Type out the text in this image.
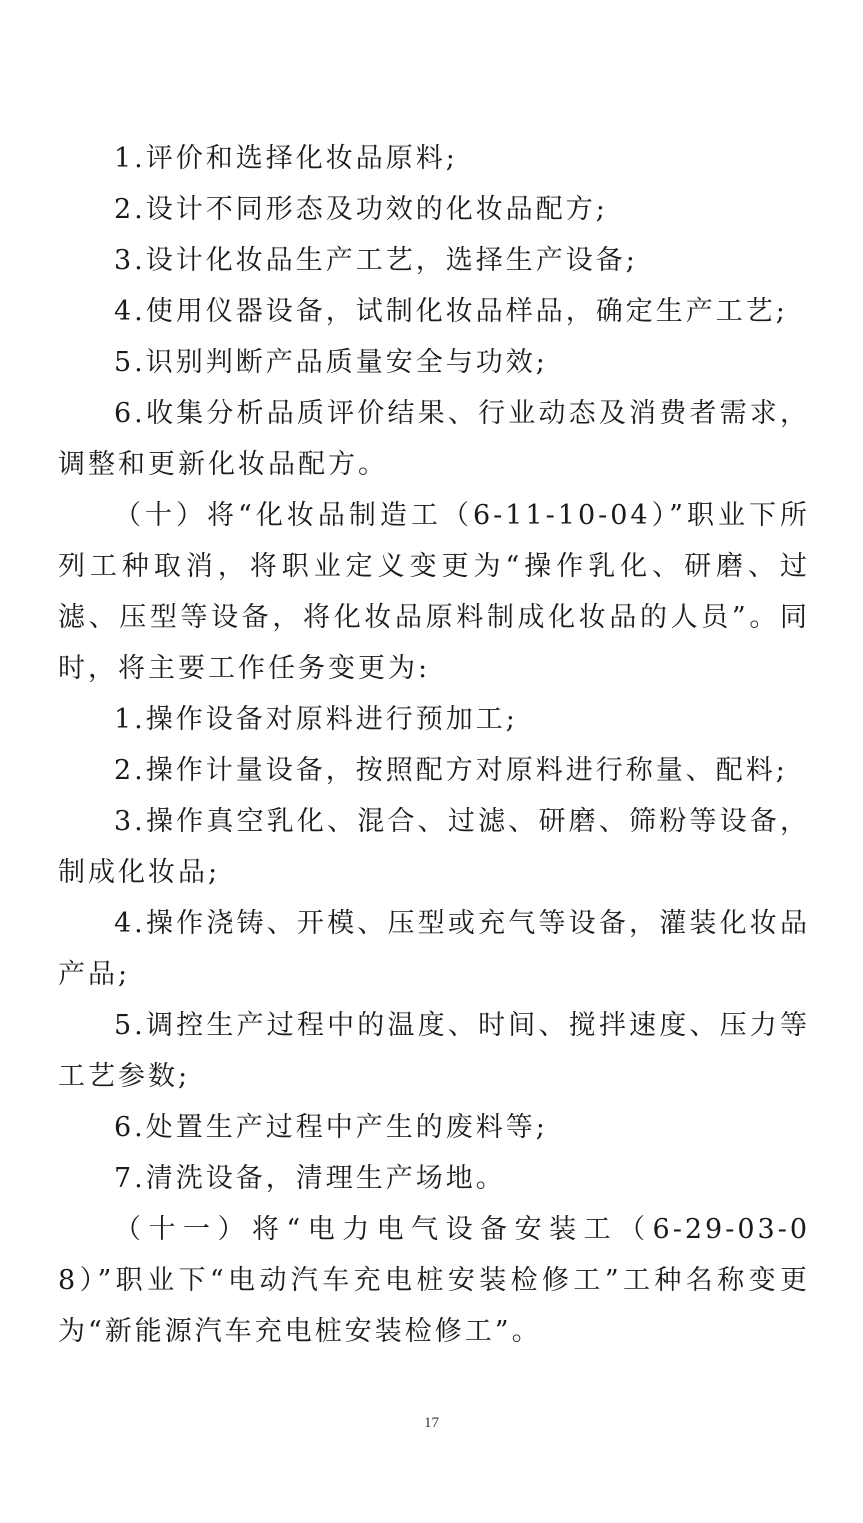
1.评价和选择化妆品原料;

2.设计不同形态及功效的化妆品配方;

3.设计化妆品生产工艺，选择生产设备;

4.使用仪器设备，试制化妆品样品，确定生产工艺;

5.识别判断产品质量安全与功效;

6.收集分析品质评价结果、行业动态及消费者需求，调整和更新化妆品配方。

（十）将“化妆品制造工（6-11-10-04）”职业下所列工种取消，将职业定义变更为“操作乳化、研磨、过滤、压型等设备，将化妆品原料制成化妆品的人员”。同时，将主要工作任务变更为:

1.操作设备对原料进行预加工;

2.操作计量设备，按照配方对原料进行称量、配料;

3.操作真空乳化、混合、过滤、研磨、筛粉等设备，制成化妆品;

4.操作浇铸、开模、压型或充气等设备，灌装化妆品产品;

5.调控生产过程中的温度、时间、搅拌速度、压力等工艺参数;

6.处置生产过程中产生的废料等;

7.清洗设备，清理生产场地。

（十一）将“电力电气设备安装工（6-29-03-08）”职业下“电动汽车充电桩安装检修工”工种名称变更为“新能源汽车充电桩安装检修工”。

17
